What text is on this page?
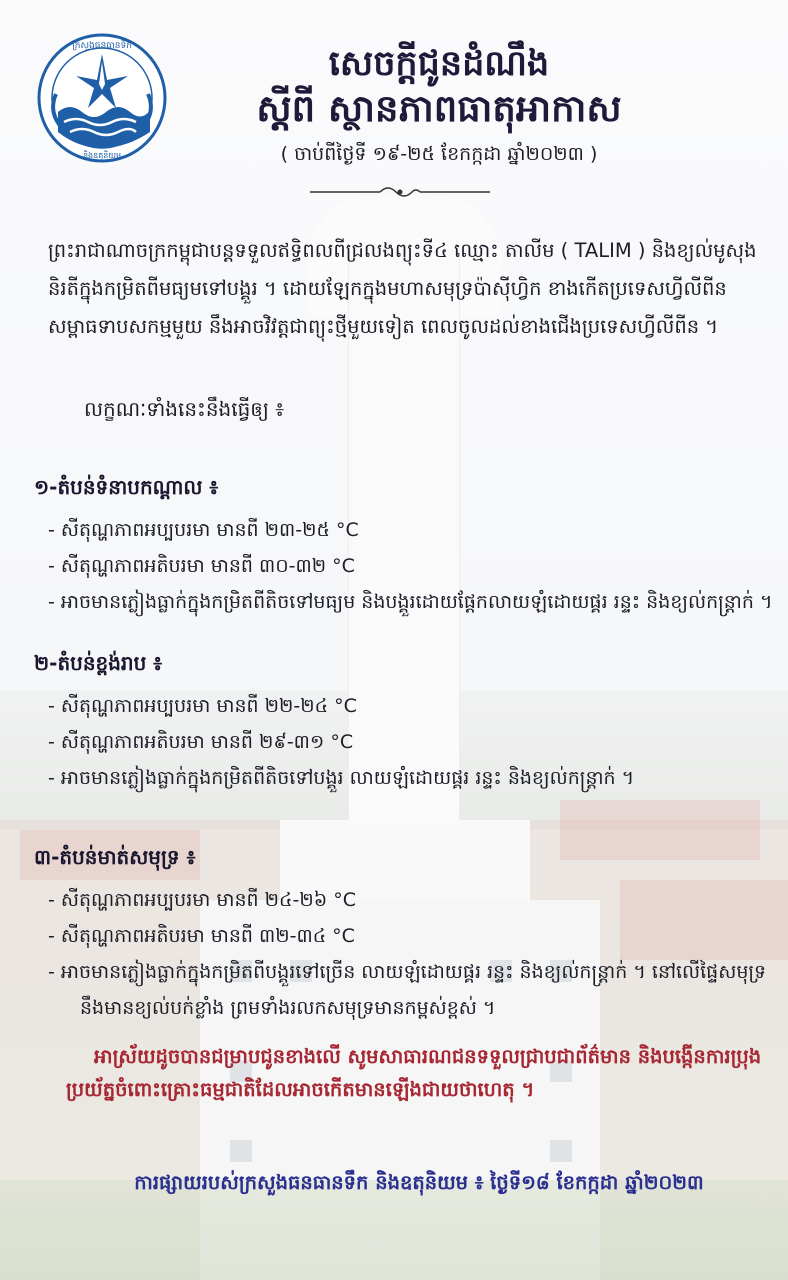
ក្រសួងធនធានទឹក
និងឧតុនិយម
សេចក្តីជូនដំណឹង
ស្តីពី ស្ថានភាពធាតុអាកាស
( ចាប់ពីថ្ងៃទី ១៩-២៥ ខែកក្កដា ឆ្នាំ២០២៣ )
ព្រះរាជាណាចក្រកម្ពុជាបន្តទទួលឥទ្ធិពលពីជ្រលងព្យុះទី៤ ឈ្មោះ តាលីម ( TALIM ) និងខ្យល់មូសុងនិរតីក្នុងកម្រិតពីមធ្យមទៅបង្គួរ ។ ដោយឡែកក្នុងមហាសមុទ្រប៉ាស៊ីហ្វិក ខាងកើតប្រទេសហ្វីលីពីន សម្ពាធទាបសកម្មមួយ នឹងអាចវិវត្តជាព្យុះថ្មីមួយទៀត ពេលចូលដល់ខាងជើងប្រទេសហ្វីលីពីន ។
លក្ខណៈទាំងនេះនឹងធ្វើឲ្យ ៖
១-តំបន់ទំនាបកណ្តាល ៖
- សីតុណ្ហភាពអប្បបរមា មានពី ២៣-២៥ °C
- សីតុណ្ហភាពអតិបរមា មានពី ៣០-៣២ °C
- អាចមានភ្លៀងធ្លាក់ក្នុងកម្រិតពីតិចទៅមធ្យម និងបង្គួរដោយផ្តែកលាយឡំដោយផ្គរ រន្ទះ និងខ្យល់កន្ត្រាក់ ។
២-តំបន់ខ្ពង់រាប ៖
- សីតុណ្ហភាពអប្បបរមា មានពី ២២-២៤ °C
- សីតុណ្ហភាពអតិបរមា មានពី ២៩-៣១ °C
- អាចមានភ្លៀងធ្លាក់ក្នុងកម្រិតពីតិចទៅបង្គួរ លាយឡំដោយផ្គរ រន្ទះ និងខ្យល់កន្ត្រាក់ ។
៣-តំបន់មាត់សមុទ្រ ៖
- សីតុណ្ហភាពអប្បបរមា មានពី ២៤-២៦ °C
- សីតុណ្ហភាពអតិបរមា មានពី ៣២-៣៤ °C
- អាចមានភ្លៀងធ្លាក់ក្នុងកម្រិតពីបង្គួរទៅច្រើន លាយឡំដោយផ្គរ រន្ទះ និងខ្យល់កន្ត្រាក់ ។ នៅលើផ្ទៃសមុទ្រ នឹងមានខ្យល់បក់ខ្លាំង ព្រមទាំងរលកសមុទ្រមានកម្ពស់ខ្ពស់ ។
អាស្រ័យដូចបានជម្រាបជូនខាងលើ សូមសាធារណជនទទួលជ្រាបជាព័ត៌មាន និងបង្កើនការប្រុងប្រយ័ត្នចំពោះគ្រោះធម្មជាតិដែលអាចកើតមានឡើងជាយថាហេតុ ។
ការផ្សាយរបស់ក្រសួងធនធានទឹក និងឧតុនិយម ៖ ថ្ងៃទី១៨ ខែកក្កដា ឆ្នាំ២០២៣
